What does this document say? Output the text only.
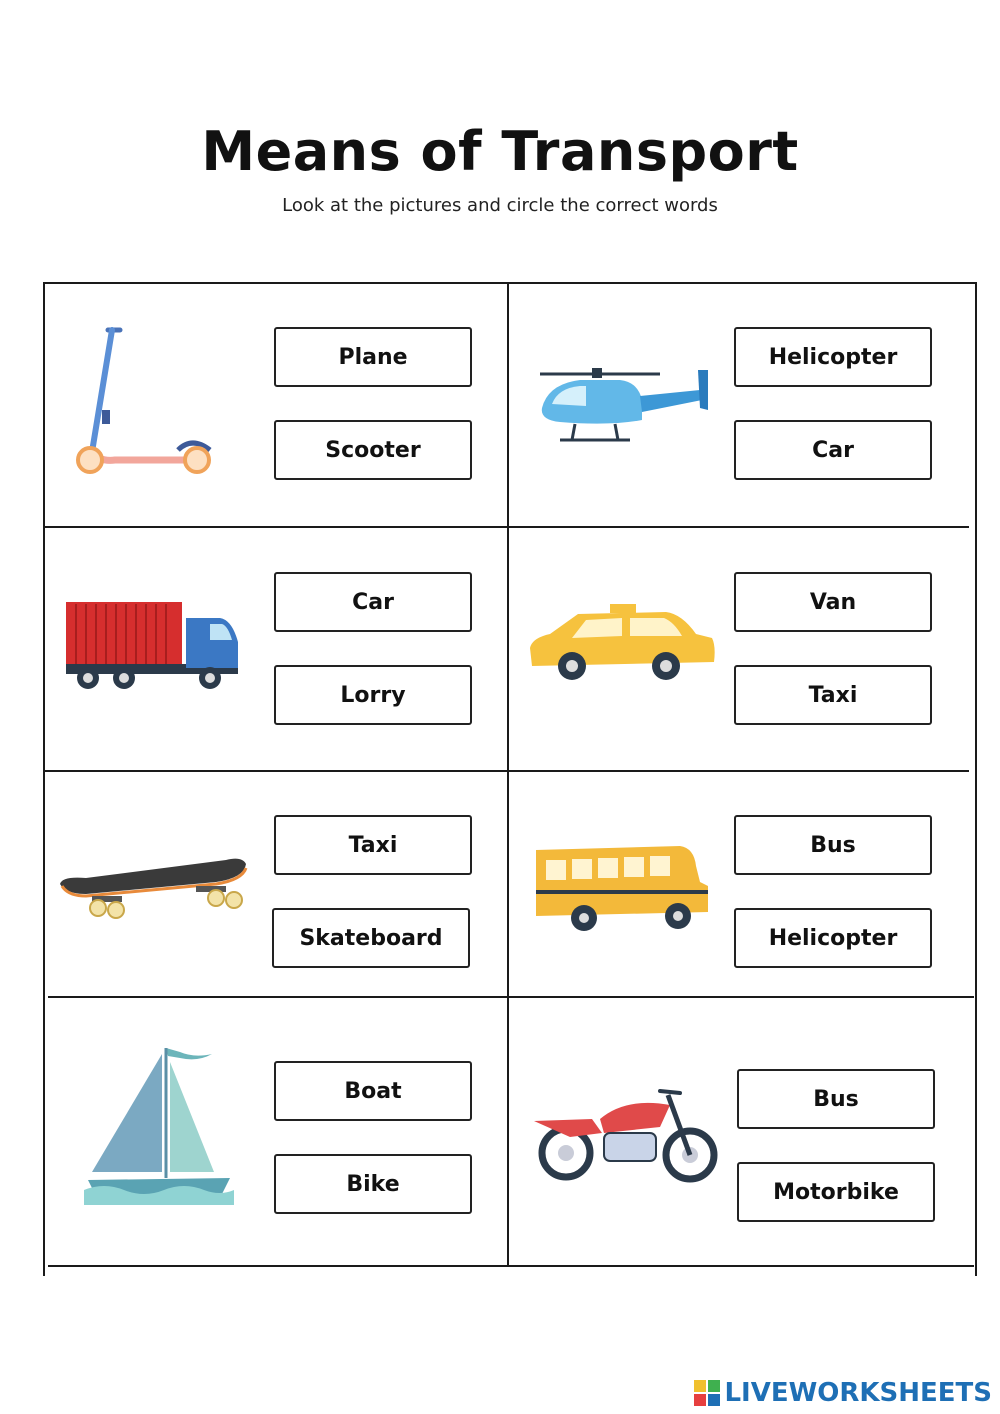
Means of Transport
Look at the pictures and circle the correct words
Plane
Scooter
Helicopter
Car
Car
Lorry
Van
Taxi
Taxi
Skateboard
Bus
Helicopter
Boat
Bike
Bus
Motorbike
LIVEWORKSHEETS
